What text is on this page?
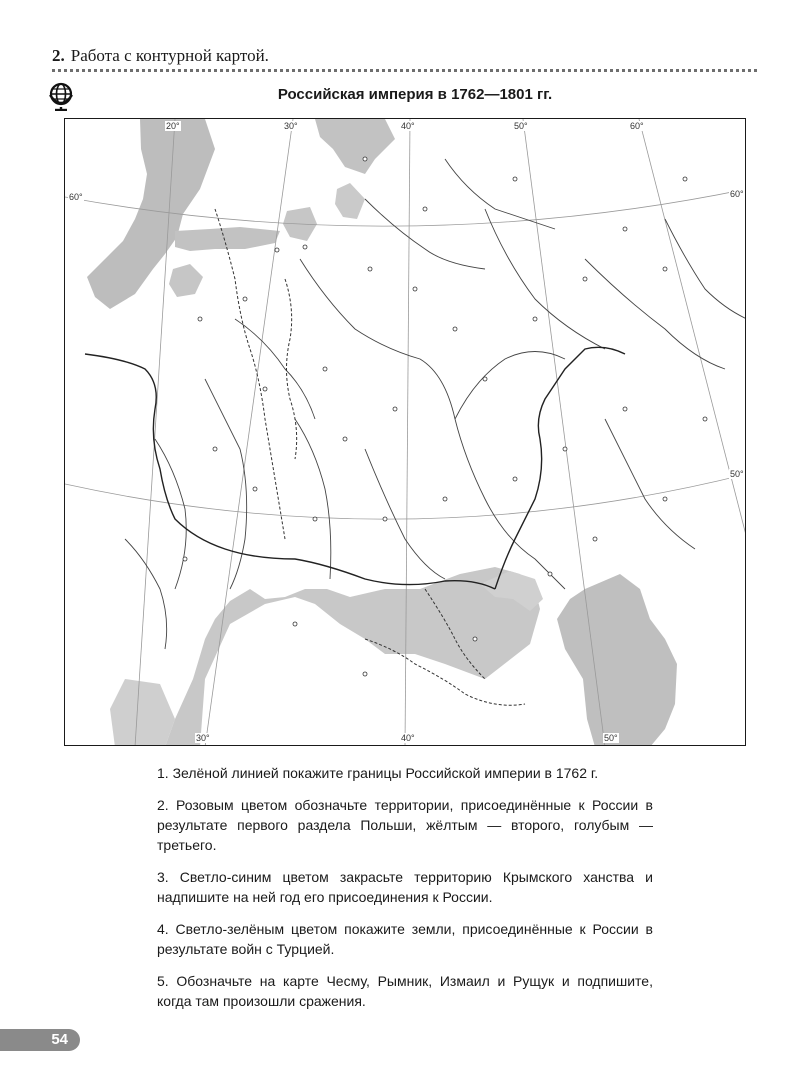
2. Работа с контурной картой.
Российская империя в 1762—1801 гг.
20°	30°	40°	50°	60°
60°	60°
50°
30°	40°	50°

1. Зелёной линией покажите границы Российской империи в 1762 г.

2. Розовым цветом обозначьте территории, присоединённые к России в результате первого раздела Польши, жёлтым — второго, голубым — третьего.

3. Светло-синим цветом закрасьте территорию Крымского ханства и надпишите на ней год его присоединения к России.

4. Светло-зелёным цветом покажите земли, присоединённые к России в результате войн с Турцией.

5. Обозначьте на карте Чесму, Рымник, Измаил и Рущук и подпишите, когда там произошли сражения.

54
